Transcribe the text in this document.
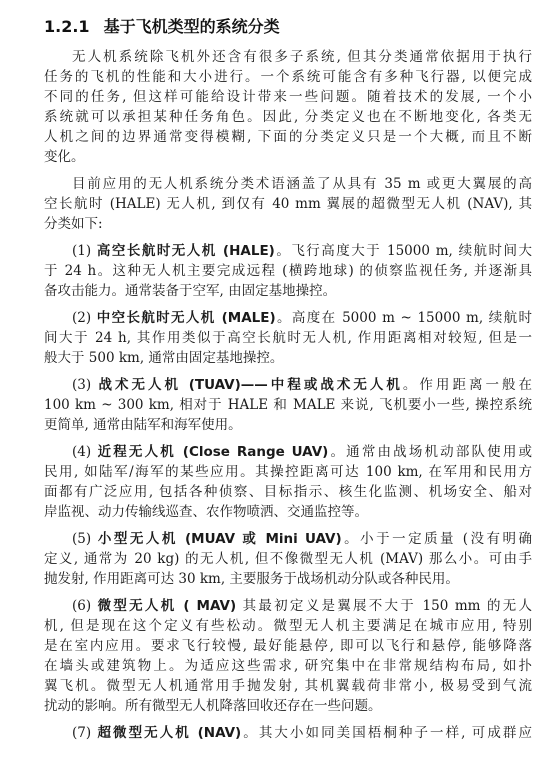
1.2.1 基于飞机类型的系统分类
无人机系统除飞机外还含有很多子系统, 但其分类通常依据用于执行
任务的飞机的性能和大小进行。一个系统可能含有多种飞行器, 以便完成
不同的任务, 但这样可能给设计带来一些问题。随着技术的发展, 一个小
系统就可以承担某种任务角色。因此, 分类定义也在不断地变化, 各类无
人机之间的边界通常变得模糊, 下面的分类定义只是一个大概, 而且不断
变化。
目前应用的无人机系统分类术语涵盖了从具有 35 m 或更大翼展的高
空长航时 (HALE) 无人机, 到仅有 40 mm 翼展的超微型无人机 (NAV), 其
分类如下:
(1) 高空长航时无人机 (HALE)。飞行高度大于 15000 m, 续航时间大
于 24 h。这种无人机主要完成远程 (横跨地球) 的侦察监视任务, 并逐渐具
备攻击能力。通常装备于空军, 由固定基地操控。
(2) 中空长航时无人机 (MALE)。高度在 5000 m ~ 15000 m, 续航时
间大于 24 h, 其作用类似于高空长航时无人机, 作用距离相对较短, 但是一
般大于 500 km, 通常由固定基地操控。
(3) 战术无人机 (TUAV)——中程或战术无人机。作用距离一般在
100 km ~ 300 km, 相对于 HALE 和 MALE 来说, 飞机要小一些, 操控系统
更简单, 通常由陆军和海军使用。
(4) 近程无人机 (Close Range UAV)。通常由战场机动部队使用或
民用, 如陆军/海军的某些应用。其操控距离可达 100 km, 在军用和民用方
面都有广泛应用, 包括各种侦察、目标指示、核生化监测、机场安全、船对
岸监视、动力传输线巡查、农作物喷洒、交通监控等。
(5) 小型无人机 (MUAV 或 Mini UAV)。小于一定质量 (没有明确
定义, 通常为 20 kg) 的无人机, 但不像微型无人机 (MAV) 那么小。可由手
抛发射, 作用距离可达 30 km, 主要服务于战场机动分队或各种民用。
(6) 微型无人机 ( MAV) 其最初定义是翼展不大于 150 mm 的无人
机, 但是现在这个定义有些松动。微型无人机主要满足在城市应用, 特别
是在室内应用。要求飞行较慢, 最好能悬停, 即可以飞行和悬停, 能够降落
在墙头或建筑物上。为适应这些需求, 研究集中在非常规结构布局, 如扑
翼飞机。微型无人机通常用手抛发射, 其机翼载荷非常小, 极易受到气流
扰动的影响。所有微型无人机降落回收还存在一些问题。
(7) 超微型无人机 (NAV)。其大小如同美国梧桐种子一样, 可成群应
